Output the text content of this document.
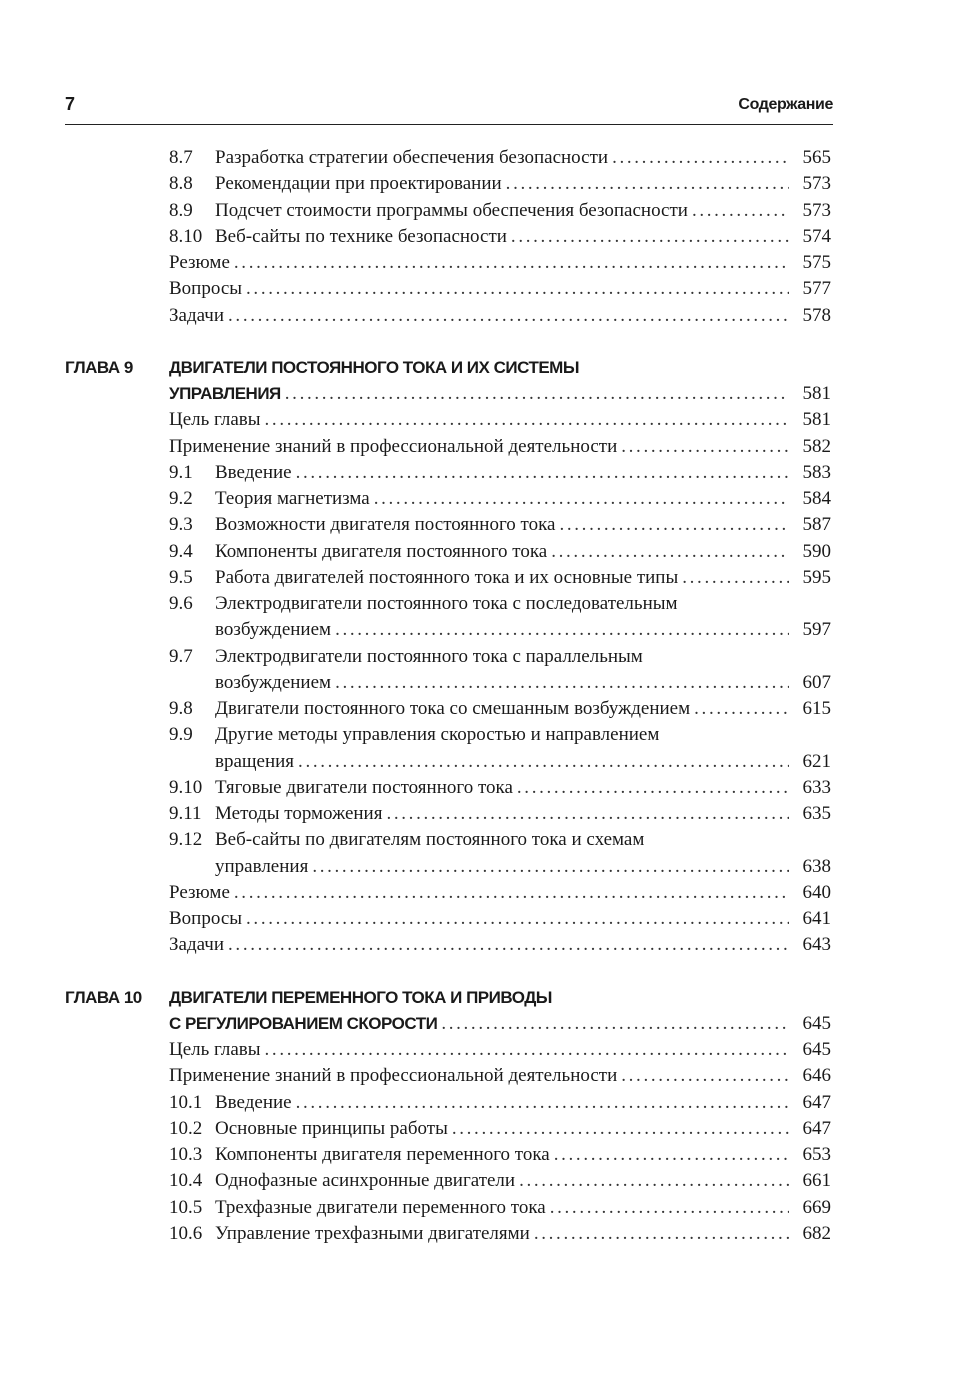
7	Содержание
8.7 Разработка стратегии обеспечения безопасности . . .	565
8.8 Рекомендации при проектировании . . .	573
8.9 Подсчет стоимости программы обеспечения безопасности . . .	573
8.10 Веб-сайты по технике безопасности . . .	574
Резюме . . .	575
Вопросы . . .	577
Задачи . . .	578
ГЛАВА 9 ДВИГАТЕЛИ ПОСТОЯННОГО ТОКА И ИХ СИСТЕМЫ
УПРАВЛЕНИЯ . . .	581
Цель главы . . .	581
Применение знаний в профессиональной деятельности . . .	582
9.1 Введение . . .	583
9.2 Теория магнетизма . . .	584
9.3 Возможности двигателя постоянного тока . . .	587
9.4 Компоненты двигателя постоянного тока . . .	590
9.5 Работа двигателей постоянного тока и их основные типы . . .	595
9.6 Электродвигатели постоянного тока с последовательным
возбуждением . . .	597
9.7 Электродвигатели постоянного тока с параллельным
возбуждением . . .	607
9.8 Двигатели постоянного тока со смешанным возбуждением . . .	615
9.9 Другие методы управления скоростью и направлением
вращения . . .	621
9.10 Тяговые двигатели постоянного тока . . .	633
9.11 Методы торможения . . .	635
9.12 Веб-сайты по двигателям постоянного тока и схемам
управления . . .	638
Резюме . . .	640
Вопросы . . .	641
Задачи . . .	643
ГЛАВА 10 ДВИГАТЕЛИ ПЕРЕМЕННОГО ТОКА И ПРИВОДЫ
С РЕГУЛИРОВАНИЕМ СКОРОСТИ . . .	645
Цель главы . . .	645
Применение знаний в профессиональной деятельности . . .	646
10.1 Введение . . .	647
10.2 Основные принципы работы . . .	647
10.3 Компоненты двигателя переменного тока . . .	653
10.4 Однофазные асинхронные двигатели . . .	661
10.5 Трехфазные двигатели переменного тока . . .	669
10.6 Управление трехфазными двигателями . . .	682
